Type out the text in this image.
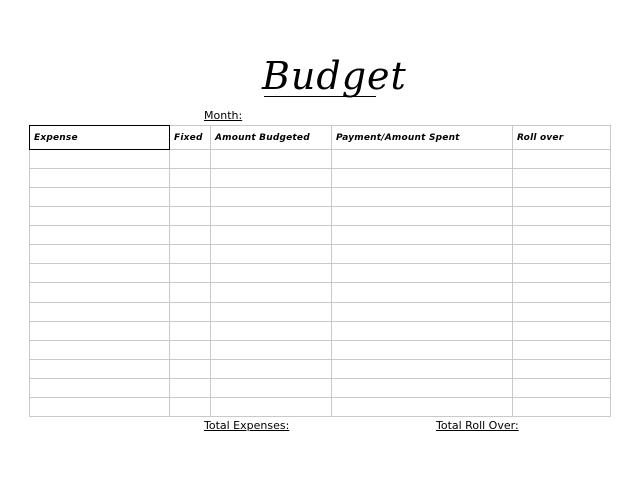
Budget
Month:
Expense	Fixed	Amount Budgeted	Payment/Amount Spent	Roll over

Total Expenses:	Total Roll Over:
